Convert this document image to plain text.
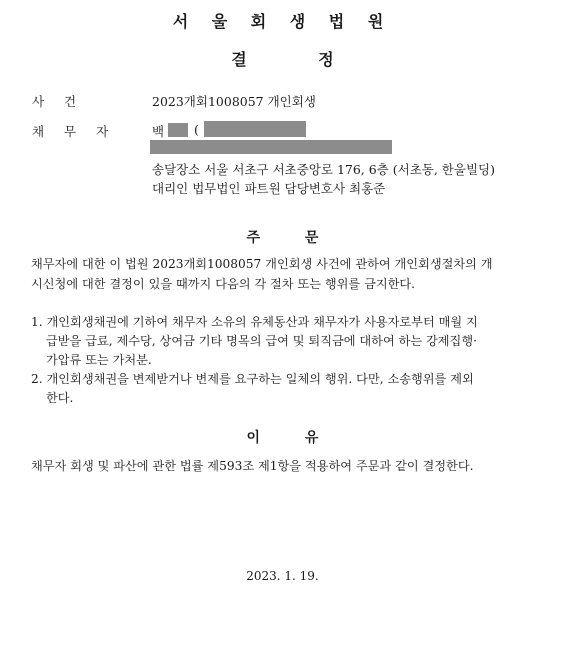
서 울 회 생 법 원
결 정
사 건	2023개회1008057 개인회생
채 무 자	백 (
송달장소 서울 서초구 서초중앙로 176, 6층 (서초동, 한울빌딩)
대리인 법무법인 파트원 담당변호사 최홍준
주 문
채무자에 대한 이 법원 2023개회1008057 개인회생 사건에 관하여 개인회생절차의 개
시신청에 대한 결정이 있을 때까지 다음의 각 절차 또는 행위를 금지한다.
1. 개인회생채권에 기하여 채무자 소유의 유체동산과 채무자가 사용자로부터 매월 지
급받을 급료, 제수당, 상여금 기타 명목의 급여 및 퇴직금에 대하여 하는 강제집행·
가압류 또는 가처분.
2. 개인회생채권을 변제받거나 변제를 요구하는 일체의 행위. 다만, 소송행위를 제외
한다.
이 유
채무자 회생 및 파산에 관한 법률 제593조 제1항을 적용하여 주문과 같이 결정한다.
2023. 1. 19.
